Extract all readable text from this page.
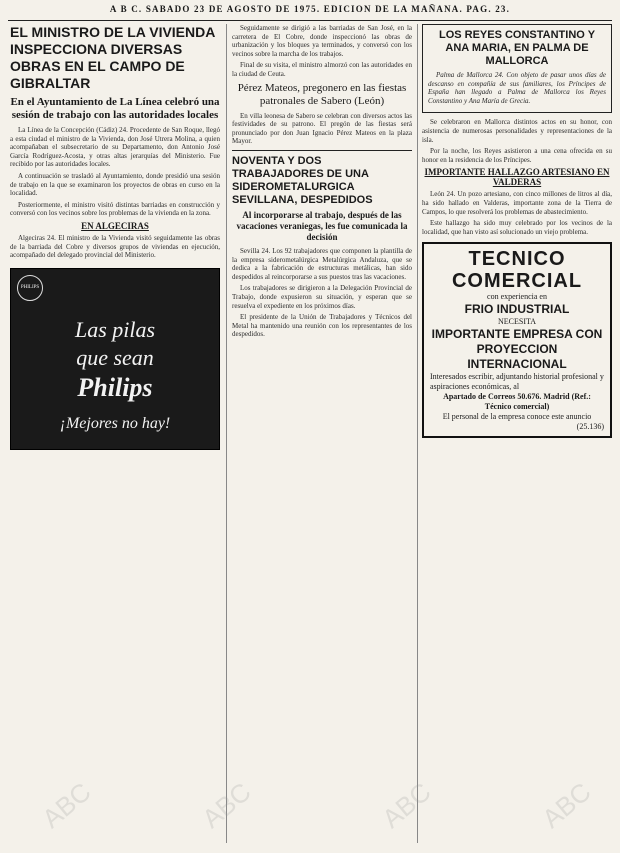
A B C. SABADO 23 DE AGOSTO DE 1975. EDICION DE LA MAÑANA. PAG. 23.
EL MINISTRO DE LA VIVIENDA INSPECCIONA DIVERSAS OBRAS EN EL CAMPO DE GIBRALTAR
En el Ayuntamiento de La Línea celebró una sesión de trabajo con las autoridades locales

La Línea de la Concepción (Cádiz) 24. Procedente de San Roque, llegó a esta ciudad el ministro de la Vivienda, don José Utrera Molina, a quien acompañaban el subsecretario de su Departamento, don Antonio José García Rodríguez-Acosta, y otras altas jerarquías del Ministerio. Fue recibido por las autoridades locales.

A continuación se trasladó al Ayuntamiento, donde presidió una sesión de trabajo en la que se examinaron los proyectos de obras en curso en la localidad.

Posteriormente, el ministro visitó distintas barriadas en construcción y conversó con los vecinos sobre los problemas de la vivienda en la zona.

EN ALGECIRAS

Algeciras 24. El ministro de la Vivienda visitó seguidamente las obras de la barriada del Cobre y diversos grupos de viviendas en ejecución, acompañado del delegado provincial del Ministerio.

PHILIPS
Las pilas
que sean
Philips
¡Mejores no hay!

Seguidamente se dirigió a las barriadas de San José, en la carretera de El Cobre, donde inspeccionó las obras de urbanización y los bloques ya terminados, y conversó con los vecinos sobre la marcha de los trabajos.

Final de su visita, el ministro almorzó con las autoridades en la ciudad de Ceuta.

Pérez Mateos, pregonero en las fiestas patronales de Sabero (León)

En villa leonesa de Sabero se celebran con diversos actos las festividades de su patrono. El pregón de las fiestas será pronunciado por don Juan Ignacio Pérez Mateos en la plaza Mayor.

NOVENTA Y DOS TRABAJADORES DE UNA SIDEROMETALURGICA SEVILLANA, DESPEDIDOS
Al incorporarse al trabajo, después de las vacaciones veraniegas, les fue comunicada la decisión

Sevilla 24. Los 92 trabajadores que componen la plantilla de la empresa siderometalúrgica Metalúrgica Andaluza, que se dedica a la fabricación de estructuras metálicas, han sido despedidos al reincorporarse a sus puestos tras las vacaciones.

Los trabajadores se dirigieron a la Delegación Provincial de Trabajo, donde expusieron su situación, y esperan que se resuelva el expediente en los próximos días.

El presidente de la Unión de Trabajadores y Técnicos del Metal ha mantenido una reunión con los representantes de los despedidos.

LOS REYES CONSTANTINO Y ANA MARIA, EN PALMA DE MALLORCA

Palma de Mallorca 24. Con objeto de pasar unos días de descanso en compañía de sus familiares, los Príncipes de España han llegado a Palma de Mallorca los Reyes Constantino y Ana María de Grecia.

Se celebraron en Mallorca distintos actos en su honor, con asistencia de numerosas personalidades y representaciones de la isla.

Por la noche, los Reyes asistieron a una cena ofrecida en su honor en la residencia de los Príncipes.

IMPORTANTE HALLAZGO ARTESIANO EN VALDERAS

León 24. Un pozo artesiano, con cinco millones de litros al día, ha sido hallado en Valderas, importante zona de la Tierra de Campos, lo que resolverá los problemas de abastecimiento.

Este hallazgo ha sido muy celebrado por los vecinos de la localidad, que han visto así solucionado un viejo problema.

TECNICO
COMERCIAL
con experiencia en
FRIO INDUSTRIAL
NECESITA
IMPORTANTE EMPRESA CON PROYECCION INTERNACIONAL
Interesados escribir, adjuntando historial profesional y aspiraciones económicas, al
Apartado de Correos 50.676. Madrid (Ref.: Técnico comercial)
El personal de la empresa conoce este anuncio
(25.136)
ABC	ABC	ABC	ABC
